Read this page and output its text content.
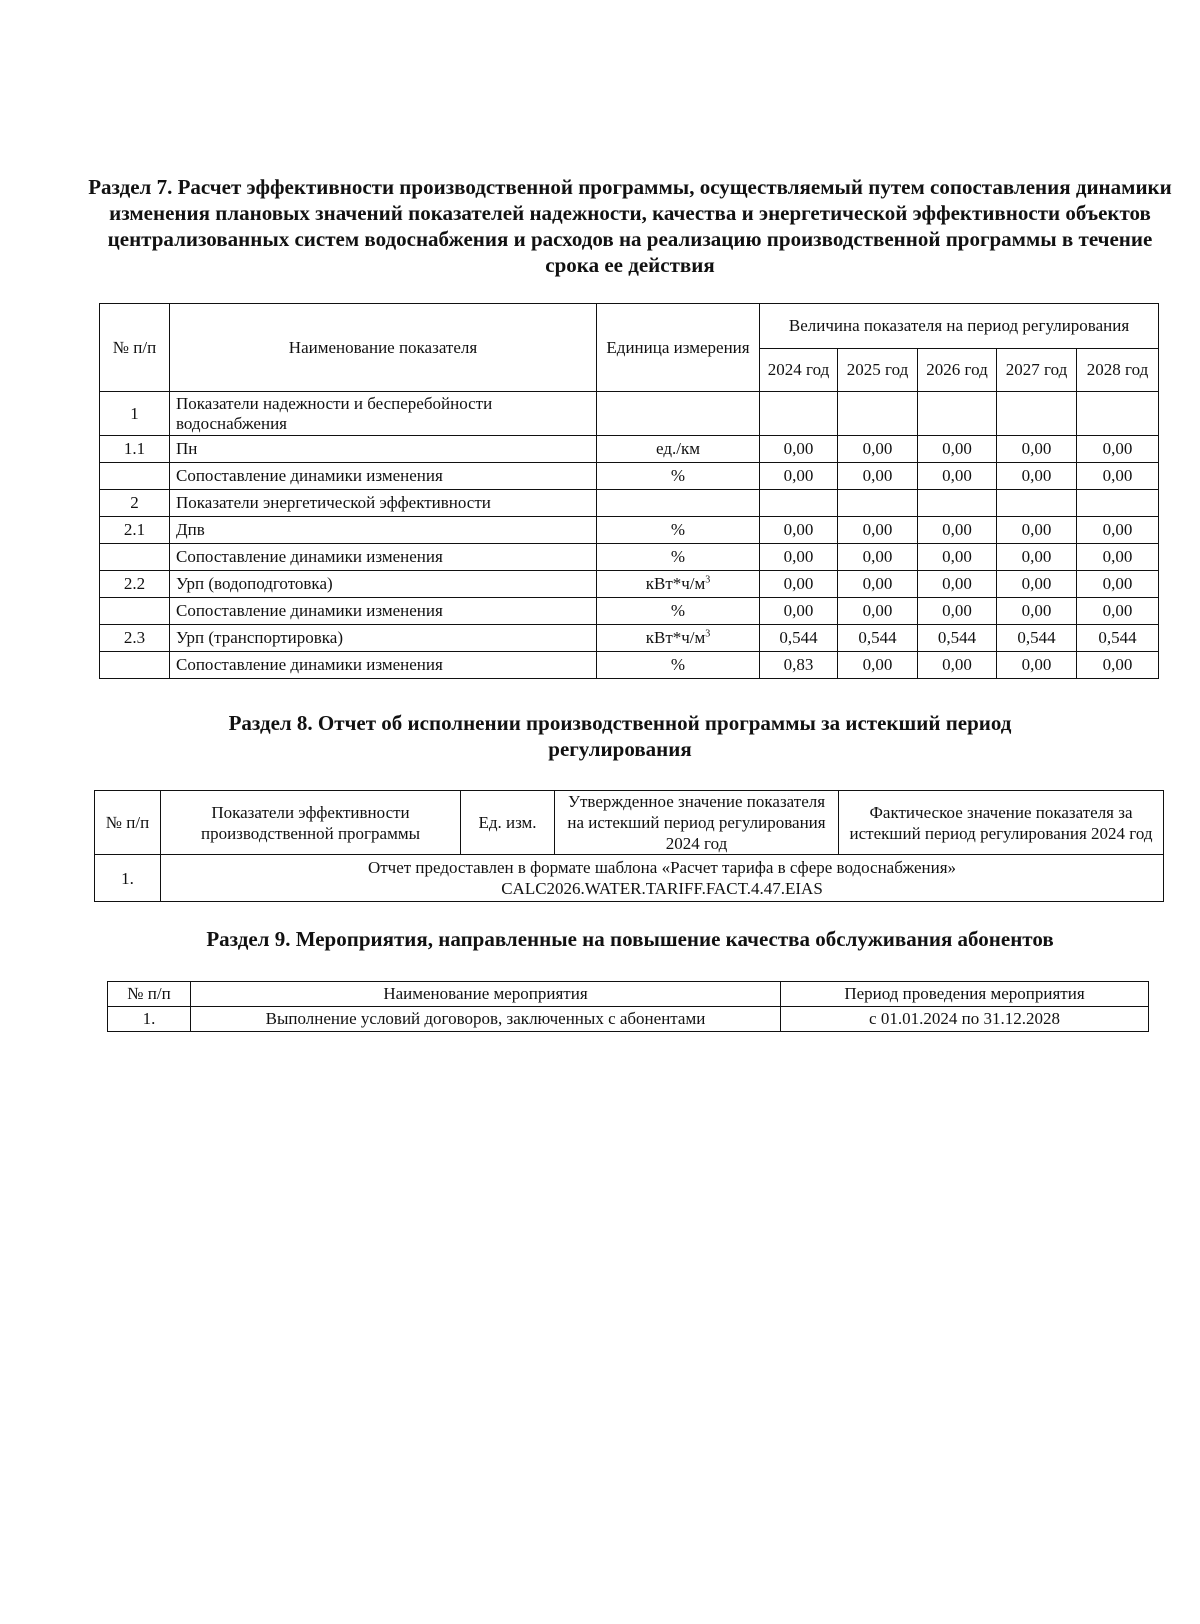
Раздел 7. Расчет эффективности производственной программы, осуществляемый путем сопоставления динамики изменения плановых значений показателей надежности, качества и энергетической эффективности объектов централизованных систем водоснабжения и расходов на реализацию производственной программы в течение срока ее действия
№ п/п	Наименование показателя	Единица измерения	Величина показателя на период регулирования				
			2024 год	2025 год	2026 год	2027 год	2028 год
1	Показатели надежности и бесперебойности водоснабжения						
1.1	Пн	ед./км	0,00	0,00	0,00	0,00	0,00
	Сопоставление динамики изменения	%	0,00	0,00	0,00	0,00	0,00
2	Показатели энергетической эффективности						
2.1	Дпв	%	0,00	0,00	0,00	0,00	0,00
	Сопоставление динамики изменения	%	0,00	0,00	0,00	0,00	0,00
2.2	Урп (водоподготовка)	$кВт*ч/м^3$	0,00	0,00	0,00	0,00	0,00
	Сопоставление динамики изменения	%	0,00	0,00	0,00	0,00	0,00
2.3	Урп (транспортировка)	$кВт*ч/м^3$	0,544	0,544	0,544	0,544	0,544
	Сопоставление динамики изменения	%	0,83	0,00	0,00	0,00	0,00
Раздел 8. Отчет об исполнении производственной программы за истекший период регулирования
№ п/п	Показатели эффективности производственной программы	Ед. изм.	Утвержденное значение показателя на истекший период регулирования 2024 год	Фактическое значение показателя за истекший период регулирования 2024 год
1.	Отчет предоставлен в формате шаблона «Расчет тарифа в сфере водоснабжения»
CALC2026.WATER.TARIFF.FACT.4.47.EIAS			
Раздел 9. Мероприятия, направленные на повышение качества обслуживания абонентов
№ п/п	Наименование мероприятия	Период проведения мероприятия
1.	Выполнение условий договоров, заключенных с абонентами	с 01.01.2024 по 31.12.2028
